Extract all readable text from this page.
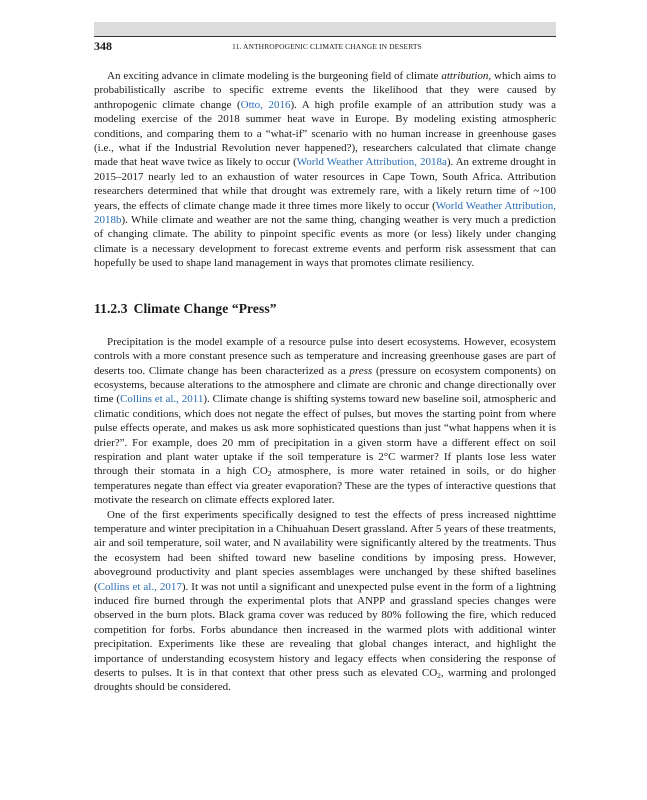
348	11. ANTHROPOGENIC CLIMATE CHANGE IN DESERTS

An exciting advance in climate modeling is the burgeoning field of climate attribution, which aims to probabilistically ascribe to specific extreme events the likelihood that they were caused by anthropogenic climate change (Otto, 2016). A high profile example of an attribution study was a modeling exercise of the 2018 summer heat wave in Europe. By modeling existing atmospheric conditions, and comparing them to a “what-if” scenario with no human increase in greenhouse gases (i.e., what if the Industrial Revolution never happened?), researchers calculated that climate change made that heat wave twice as likely to occur (World Weather Attribution, 2018a). An extreme drought in 2015–2017 nearly led to an exhaustion of water resources in Cape Town, South Africa. Attribution researchers determined that while that drought was extremely rare, with a likely return time of ~100 years, the effects of climate change made it three times more likely to occur (World Weather Attribution, 2018b). While climate and weather are not the same thing, changing weather is very much a prediction of changing climate. The ability to pinpoint specific events as more (or less) likely under changing climate is a necessary development to forecast extreme events and perform risk assessment that can hopefully be used to shape land management in ways that promotes climate resiliency.

11.2.3 Climate Change “Press”

Precipitation is the model example of a resource pulse into desert ecosystems. However, ecosystem controls with a more constant presence such as temperature and increasing greenhouse gases are part of deserts too. Climate change has been characterized as a press (pressure on ecosystem components) on ecosystems, because alterations to the atmosphere and climate are chronic and change directionally over time (Collins et al., 2011). Climate change is shifting systems toward new baseline soil, atmospheric and climatic conditions, which does not negate the effect of pulses, but moves the starting point from where pulse effects operate, and makes us ask more sophisticated questions than just “what happens when it is drier?”. For example, does 20 mm of precipitation in a given storm have a different effect on soil respiration and plant water uptake if the soil temperature is 2°C warmer? If plants lose less water through their stomata in a high $CO_2$ atmosphere, is more water retained in soils, or do higher temperatures negate than effect via greater evaporation? These are the types of interactive questions that motivate the research on climate effects explored later.

One of the first experiments specifically designed to test the effects of press increased nighttime temperature and winter precipitation in a Chihuahuan Desert grassland. After 5 years of these treatments, air and soil temperature, soil water, and N availability were significantly altered by the treatments. Thus the ecosystem had been shifted toward new baseline conditions by imposing press. However, aboveground productivity and plant species assemblages were unchanged by these shifted baselines (Collins et al., 2017). It was not until a significant and unexpected pulse event in the form of a lightning induced fire burned through the experimental plots that ANPP and grassland species changes were observed in the burn plots. Black grama cover was reduced by 80% following the fire, which reduced competition for forbs. Forbs abundance then increased in the warmed plots with additional winter precipitation. Experiments like these are revealing that global changes interact, and highlight the importance of understanding ecosystem history and legacy effects when considering the response of deserts to pulses. It is in that context that other press such as elevated $CO_2$, warming and prolonged droughts should be considered.
